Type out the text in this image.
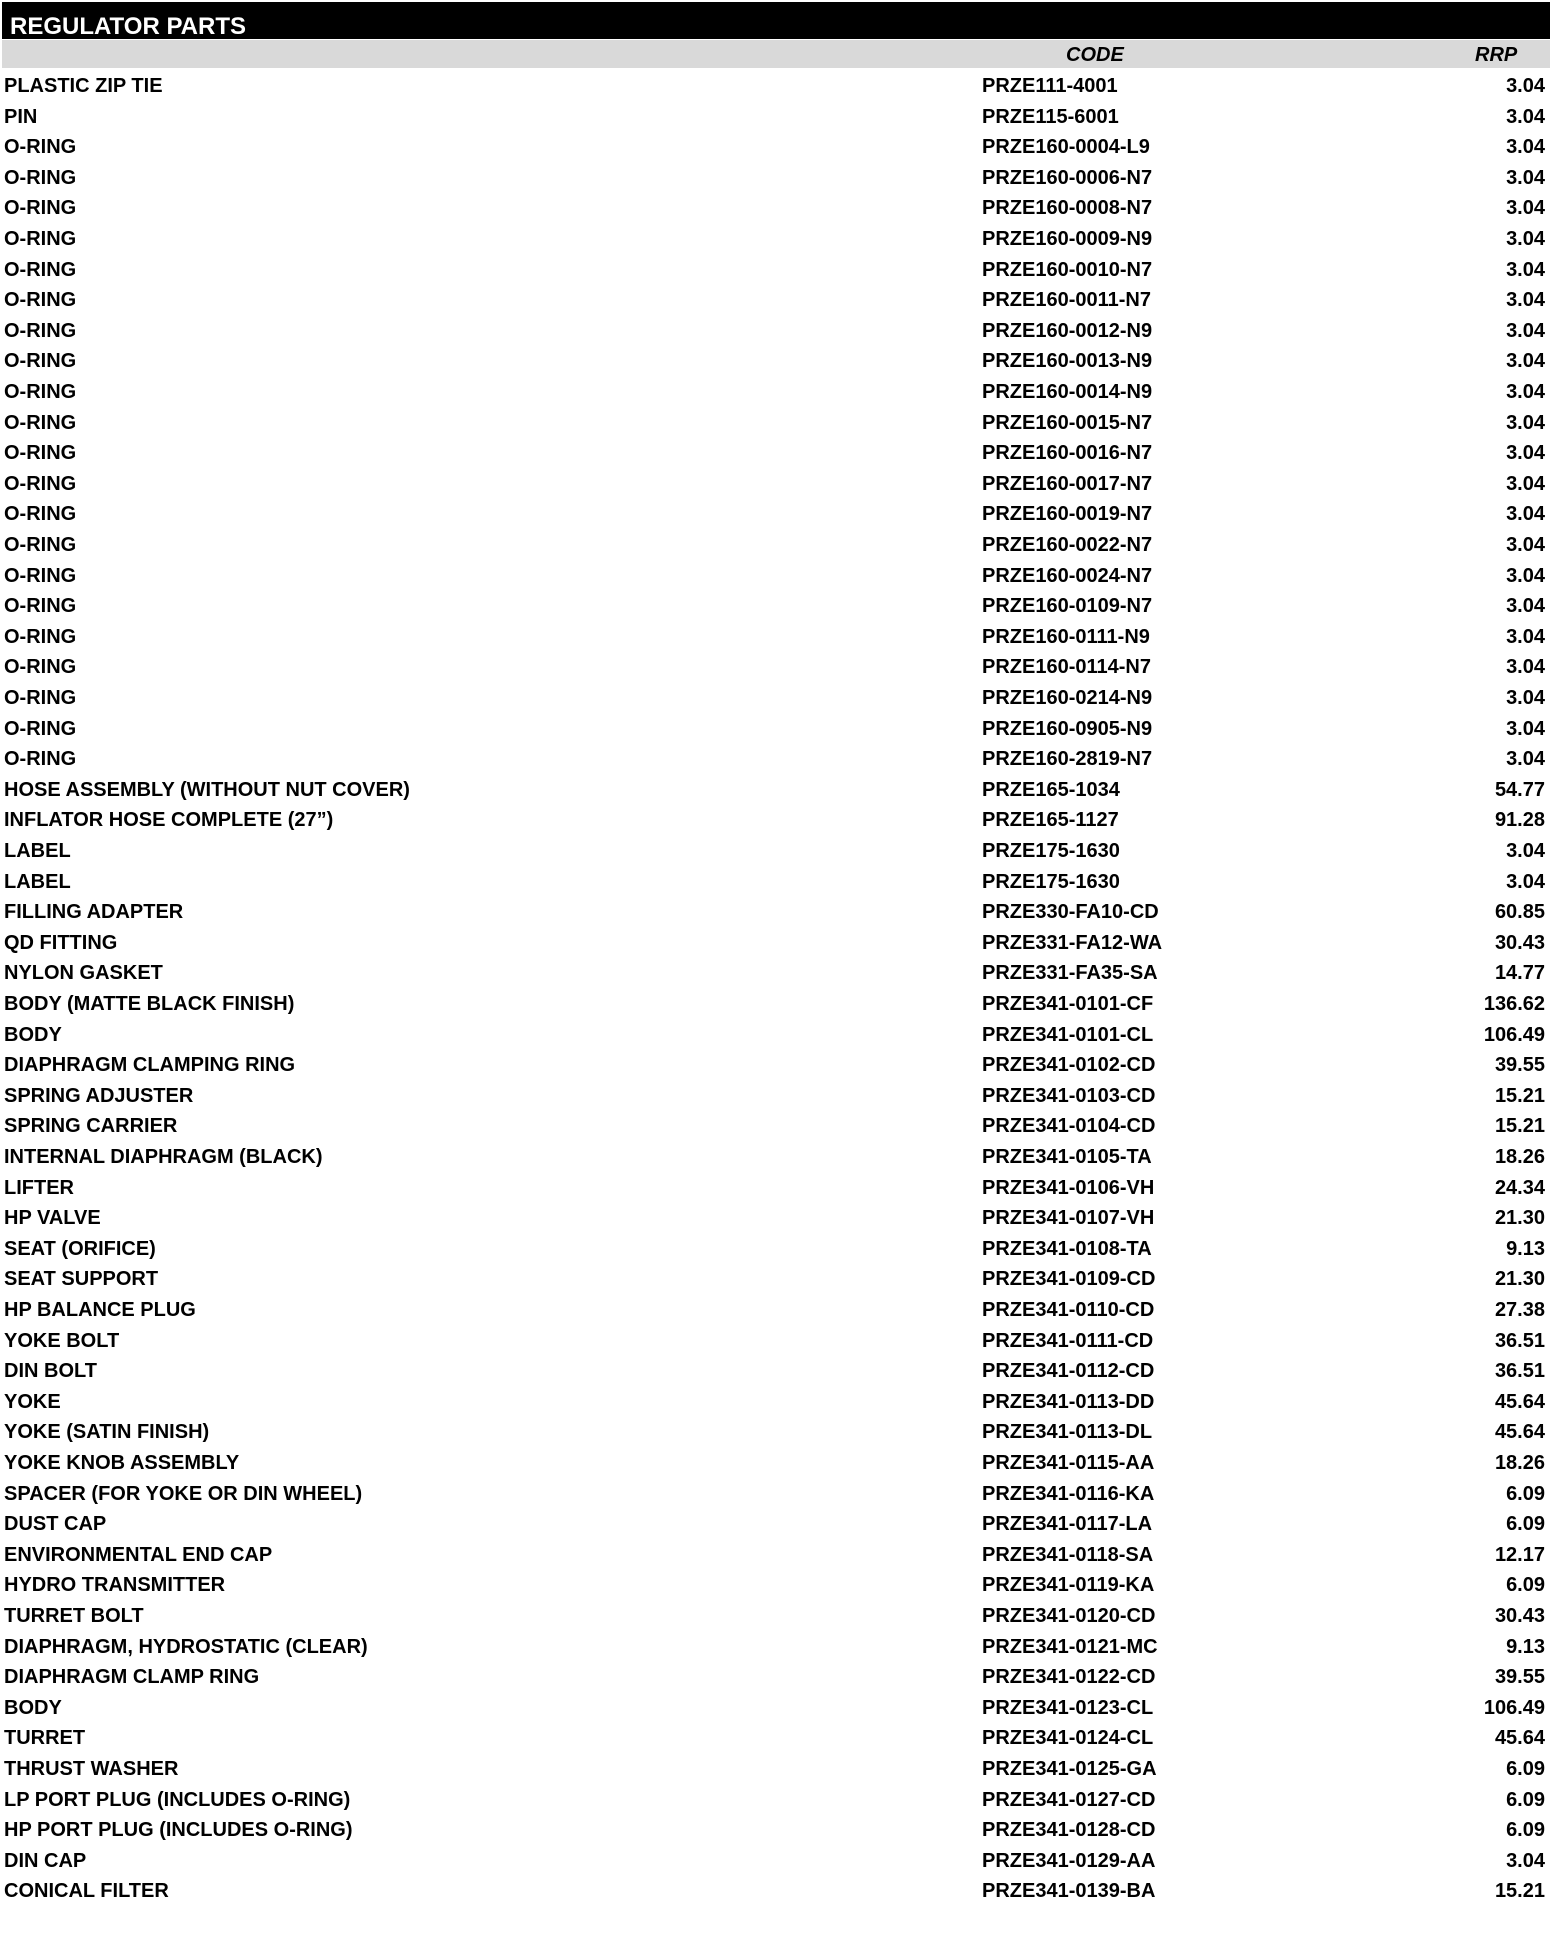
REGULATOR PARTS
CODE	RRP
PLASTIC ZIP TIE	PRZE111-4001	3.04
PIN	PRZE115-6001	3.04
O-RING	PRZE160-0004-L9	3.04
O-RING	PRZE160-0006-N7	3.04
O-RING	PRZE160-0008-N7	3.04
O-RING	PRZE160-0009-N9	3.04
O-RING	PRZE160-0010-N7	3.04
O-RING	PRZE160-0011-N7	3.04
O-RING	PRZE160-0012-N9	3.04
O-RING	PRZE160-0013-N9	3.04
O-RING	PRZE160-0014-N9	3.04
O-RING	PRZE160-0015-N7	3.04
O-RING	PRZE160-0016-N7	3.04
O-RING	PRZE160-0017-N7	3.04
O-RING	PRZE160-0019-N7	3.04
O-RING	PRZE160-0022-N7	3.04
O-RING	PRZE160-0024-N7	3.04
O-RING	PRZE160-0109-N7	3.04
O-RING	PRZE160-0111-N9	3.04
O-RING	PRZE160-0114-N7	3.04
O-RING	PRZE160-0214-N9	3.04
O-RING	PRZE160-0905-N9	3.04
O-RING	PRZE160-2819-N7	3.04
HOSE ASSEMBLY (WITHOUT NUT COVER)	PRZE165-1034	54.77
INFLATOR HOSE COMPLETE (27”)	PRZE165-1127	91.28
LABEL	PRZE175-1630	3.04
LABEL	PRZE175-1630	3.04
FILLING ADAPTER	PRZE330-FA10-CD	60.85
QD FITTING	PRZE331-FA12-WA	30.43
NYLON GASKET	PRZE331-FA35-SA	14.77
BODY (MATTE BLACK FINISH)	PRZE341-0101-CF	136.62
BODY	PRZE341-0101-CL	106.49
DIAPHRAGM CLAMPING RING	PRZE341-0102-CD	39.55
SPRING ADJUSTER	PRZE341-0103-CD	15.21
SPRING CARRIER	PRZE341-0104-CD	15.21
INTERNAL DIAPHRAGM (BLACK)	PRZE341-0105-TA	18.26
LIFTER	PRZE341-0106-VH	24.34
HP VALVE	PRZE341-0107-VH	21.30
SEAT (ORIFICE)	PRZE341-0108-TA	9.13
SEAT SUPPORT	PRZE341-0109-CD	21.30
HP BALANCE PLUG	PRZE341-0110-CD	27.38
YOKE BOLT	PRZE341-0111-CD	36.51
DIN BOLT	PRZE341-0112-CD	36.51
YOKE	PRZE341-0113-DD	45.64
YOKE (SATIN FINISH)	PRZE341-0113-DL	45.64
YOKE KNOB ASSEMBLY	PRZE341-0115-AA	18.26
SPACER (FOR YOKE OR DIN WHEEL)	PRZE341-0116-KA	6.09
DUST CAP	PRZE341-0117-LA	6.09
ENVIRONMENTAL END CAP	PRZE341-0118-SA	12.17
HYDRO TRANSMITTER	PRZE341-0119-KA	6.09
TURRET BOLT	PRZE341-0120-CD	30.43
DIAPHRAGM, HYDROSTATIC (CLEAR)	PRZE341-0121-MC	9.13
DIAPHRAGM CLAMP RING	PRZE341-0122-CD	39.55
BODY	PRZE341-0123-CL	106.49
TURRET	PRZE341-0124-CL	45.64
THRUST WASHER	PRZE341-0125-GA	6.09
LP PORT PLUG (INCLUDES O-RING)	PRZE341-0127-CD	6.09
HP PORT PLUG (INCLUDES O-RING)	PRZE341-0128-CD	6.09
DIN CAP	PRZE341-0129-AA	3.04
CONICAL FILTER	PRZE341-0139-BA	15.21
